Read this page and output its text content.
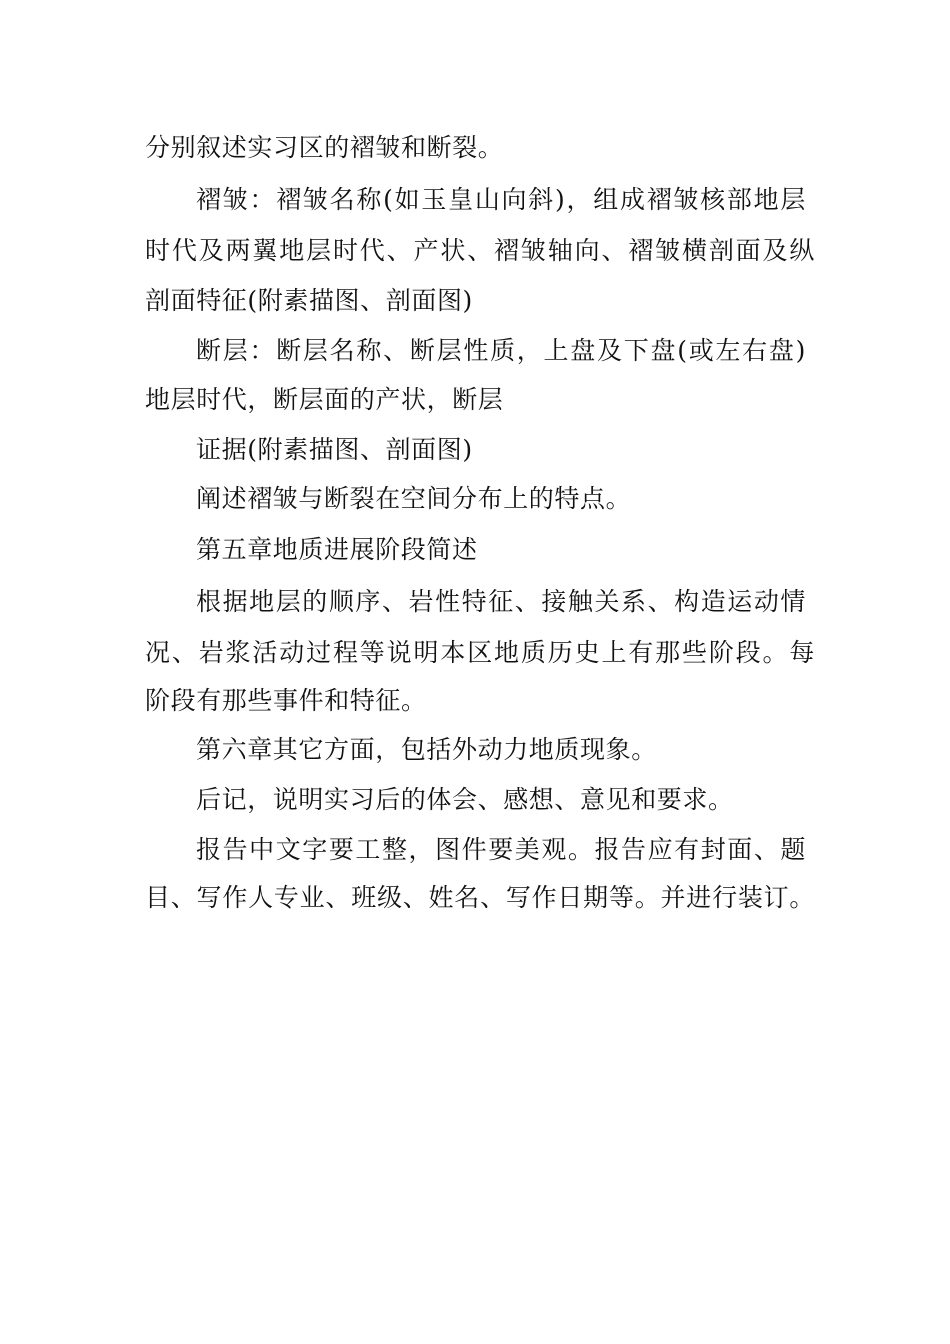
分别叙述实习区的褶皱和断裂。
褶皱：褶皱名称(如玉皇山向斜)，组成褶皱核部地层
时代及两翼地层时代、产状、褶皱轴向、褶皱横剖面及纵
剖面特征(附素描图、剖面图)
断层：断层名称、断层性质，上盘及下盘(或左右盘)
地层时代，断层面的产状，断层
证据(附素描图、剖面图)
阐述褶皱与断裂在空间分布上的特点。
第五章地质进展阶段简述
根据地层的顺序、岩性特征、接触关系、构造运动情
况、岩浆活动过程等说明本区地质历史上有那些阶段。每
阶段有那些事件和特征。
第六章其它方面，包括外动力地质现象。
后记，说明实习后的体会、感想、意见和要求。
报告中文字要工整，图件要美观。报告应有封面、题
目、写作人专业、班级、姓名、写作日期等。并进行装订。
